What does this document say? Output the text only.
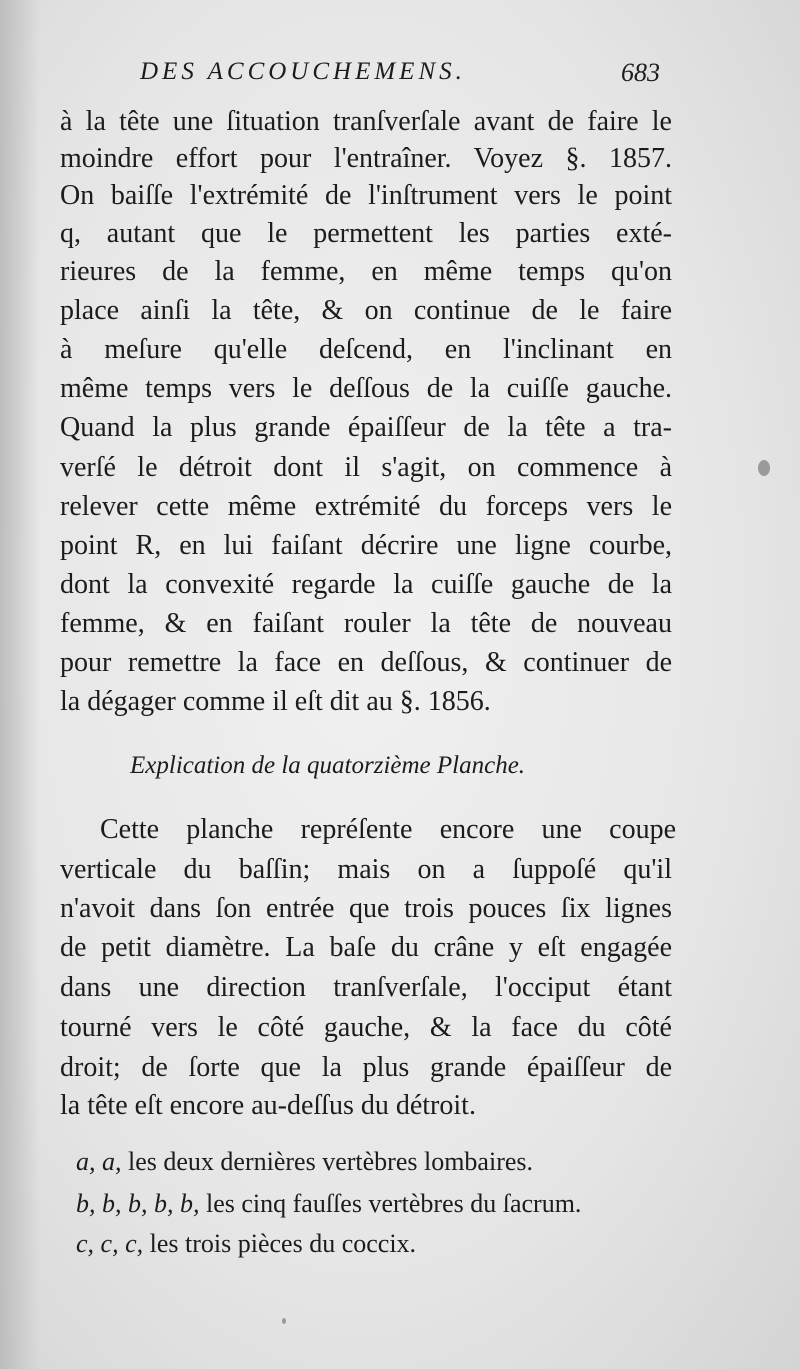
DES ACCOUCHEMENS.	683
à la tête une ſituation tranſverſale avant de faire le
moindre effort pour l'entraîner. Voyez §. 1857.
On baiſſe l'extrémité de l'inſtrument vers le point
q, autant que le permettent les parties exté-
rieures de la femme, en même temps qu'on
place ainſi la tête, & on continue de le faire
à meſure qu'elle deſcend, en l'inclinant en
même temps vers le deſſous de la cuiſſe gauche.
Quand la plus grande épaiſſeur de la tête a tra-
verſé le détroit dont il s'agit, on commence à
relever cette même extrémité du forceps vers le
point R, en lui faiſant décrire une ligne courbe,
dont la convexité regarde la cuiſſe gauche de la
femme, & en faiſant rouler la tête de nouveau
pour remettre la face en deſſous, & continuer de
la dégager comme il eſt dit au §. 1856.
Explication de la quatorzième Planche.
Cette planche repréſente encore une coupe
verticale du baſſin; mais on a ſuppoſé qu'il
n'avoit dans ſon entrée que trois pouces ſix lignes
de petit diamètre. La baſe du crâne y eſt engagée
dans une direction tranſverſale, l'occiput étant
tourné vers le côté gauche, & la face du côté
droit; de ſorte que la plus grande épaiſſeur de
la tête eſt encore au-deſſus du détroit.
a, a, les deux dernières vertèbres lombaires.
b, b, b, b, b, les cinq fauſſes vertèbres du ſacrum.
c, c, c, les trois pièces du coccix.
